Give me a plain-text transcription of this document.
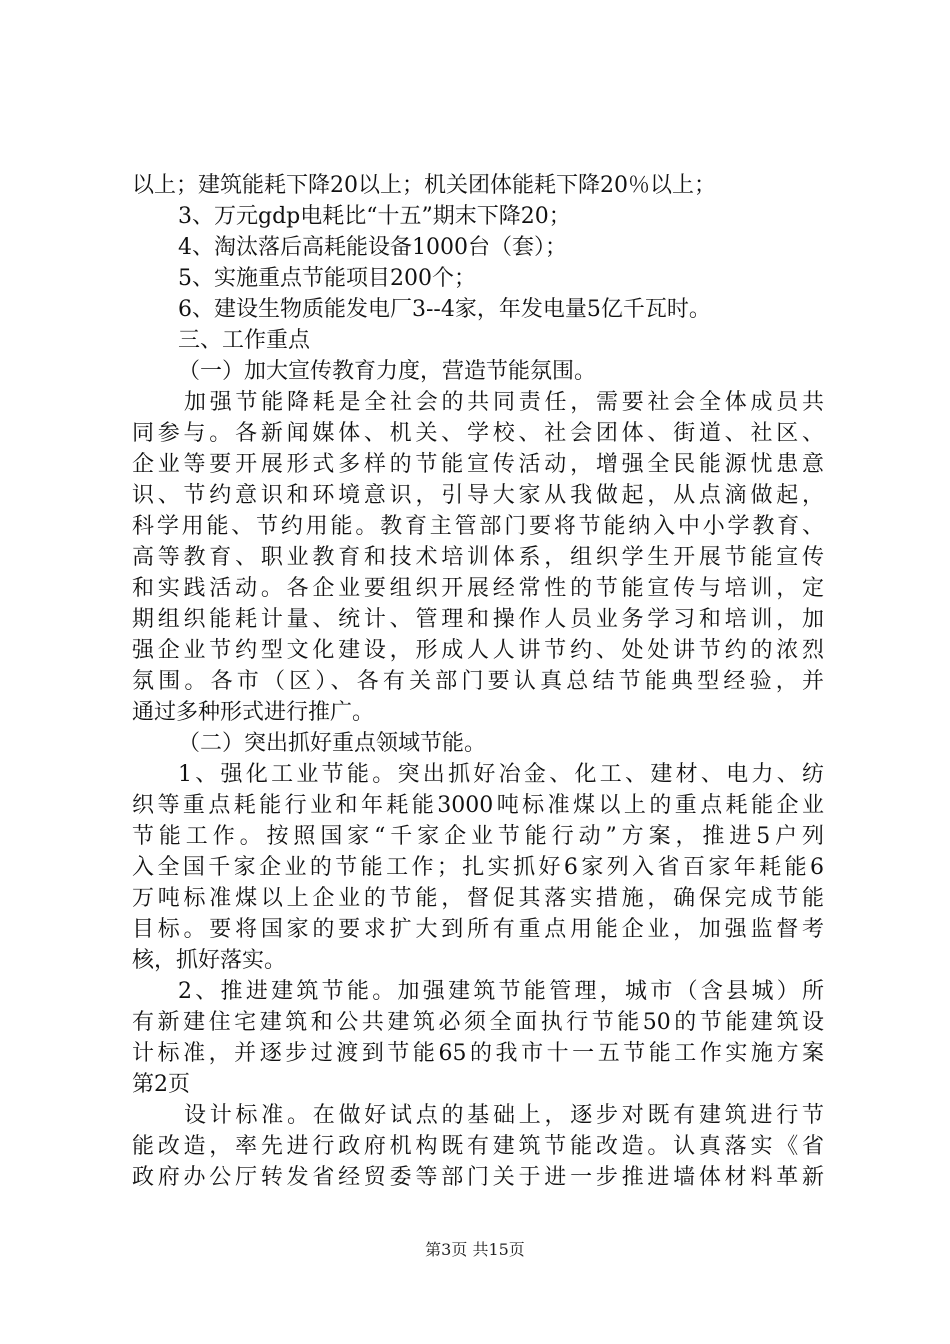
以上；建筑能耗下降20以上；机关团体能耗下降20％以上；
3、万元gdp电耗比“十五”期末下降20；
4、淘汰落后高耗能设备1000台（套）；
5、实施重点节能项目200个；
6、建设生物质能发电厂3--4家，年发电量5亿千瓦时。
三、工作重点
（一）加大宣传教育力度，营造节能氛围。
加强节能降耗是全社会的共同责任，需要社会全体成员共
同参与。各新闻媒体、机关、学校、社会团体、街道、社区、
企业等要开展形式多样的节能宣传活动，增强全民能源忧患意
识、节约意识和环境意识，引导大家从我做起，从点滴做起，
科学用能、节约用能。教育主管部门要将节能纳入中小学教育、
高等教育、职业教育和技术培训体系，组织学生开展节能宣传
和实践活动。各企业要组织开展经常性的节能宣传与培训，定
期组织能耗计量、统计、管理和操作人员业务学习和培训，加
强企业节约型文化建设，形成人人讲节约、处处讲节约的浓烈
氛围。各市（区）、各有关部门要认真总结节能典型经验，并
通过多种形式进行推广。
（二）突出抓好重点领域节能。
1、强化工业节能。突出抓好冶金、化工、建材、电力、纺
织等重点耗能行业和年耗能3000吨标准煤以上的重点耗能企业
节能工作。按照国家“千家企业节能行动”方案，推进5户列
入全国千家企业的节能工作；扎实抓好6家列入省百家年耗能6
万吨标准煤以上企业的节能，督促其落实措施，确保完成节能
目标。要将国家的要求扩大到所有重点用能企业，加强监督考
核，抓好落实。
2、推进建筑节能。加强建筑节能管理，城市（含县城）所
有新建住宅建筑和公共建筑必须全面执行节能50的节能建筑设
计标准，并逐步过渡到节能65的我市十一五节能工作实施方案
第2页
设计标准。在做好试点的基础上，逐步对既有建筑进行节
能改造，率先进行政府机构既有建筑节能改造。认真落实《省
政府办公厅转发省经贸委等部门关于进一步推进墙体材料革新
第3页 共15页
